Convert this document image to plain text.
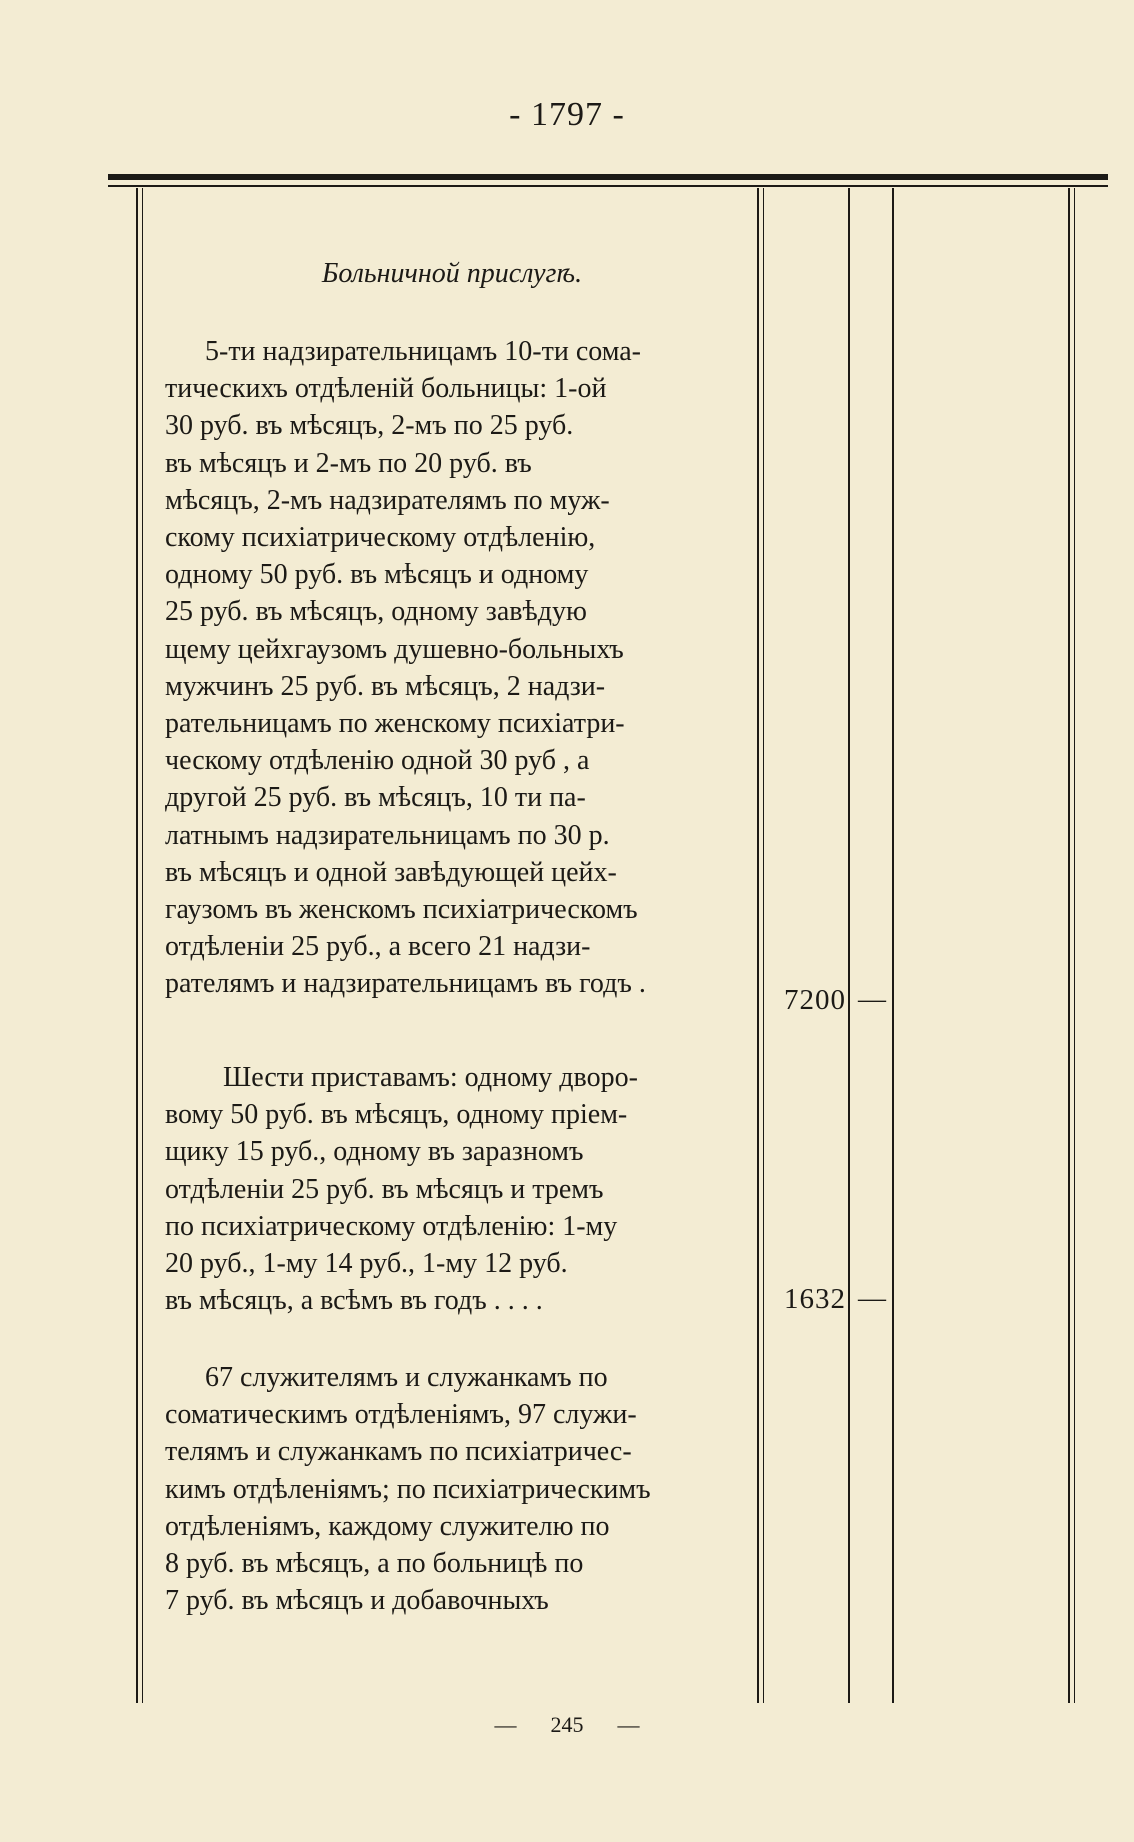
- 1797 -
Больничной прислугѣ.
5-ти надзирательницамъ 10-ти сома-
тическихъ отдѣленій больницы: 1-ой
30 руб. въ мѣсяцъ, 2-мъ по 25 руб.
въ мѣсяцъ и 2-мъ по 20 руб. въ
мѣсяцъ, 2-мъ надзирателямъ по муж-
скому психіатрическому отдѣленію,
одному 50 руб. въ мѣсяцъ и одному
25 руб. въ мѣсяцъ, одному завѣдую
щему цейхгаузомъ душевно-больныхъ
мужчинъ 25 руб. въ мѣсяцъ, 2 надзи-
рательницамъ по женскому психіатри-
ческому отдѣленію одной 30 руб , а
другой 25 руб. въ мѣсяцъ, 10 ти па-
латнымъ надзирательницамъ по 30 р.
въ мѣсяцъ и одной завѣдующей цейх-
гаузомъ въ женскомъ психіатрическомъ
отдѣленіи 25 руб., а всего 21 надзи-
рателямъ и надзирательницамъ въ годъ .
7200 —
Шести приставамъ: одному дворо-
вому 50 руб. въ мѣсяцъ, одному пріем-
щику 15 руб., одному въ заразномъ
отдѣленіи 25 руб. въ мѣсяцъ и тремъ
по психіатрическому отдѣленію: 1-му
20 руб., 1-му 14 руб., 1-му 12 руб.
въ мѣсяцъ, а всѣмъ въ годъ . . . .	1632 —
67 служителямъ и служанкамъ по
соматическимъ отдѣленіямъ, 97 служи-
телямъ и служанкамъ по психіатричес-
кимъ отдѣленіямъ; по психіатрическимъ
отдѣленіямъ, каждому служителю по
8 руб. въ мѣсяцъ, а по больницѣ по
7 руб. въ мѣсяцъ и добавочныхъ
— 245 —
